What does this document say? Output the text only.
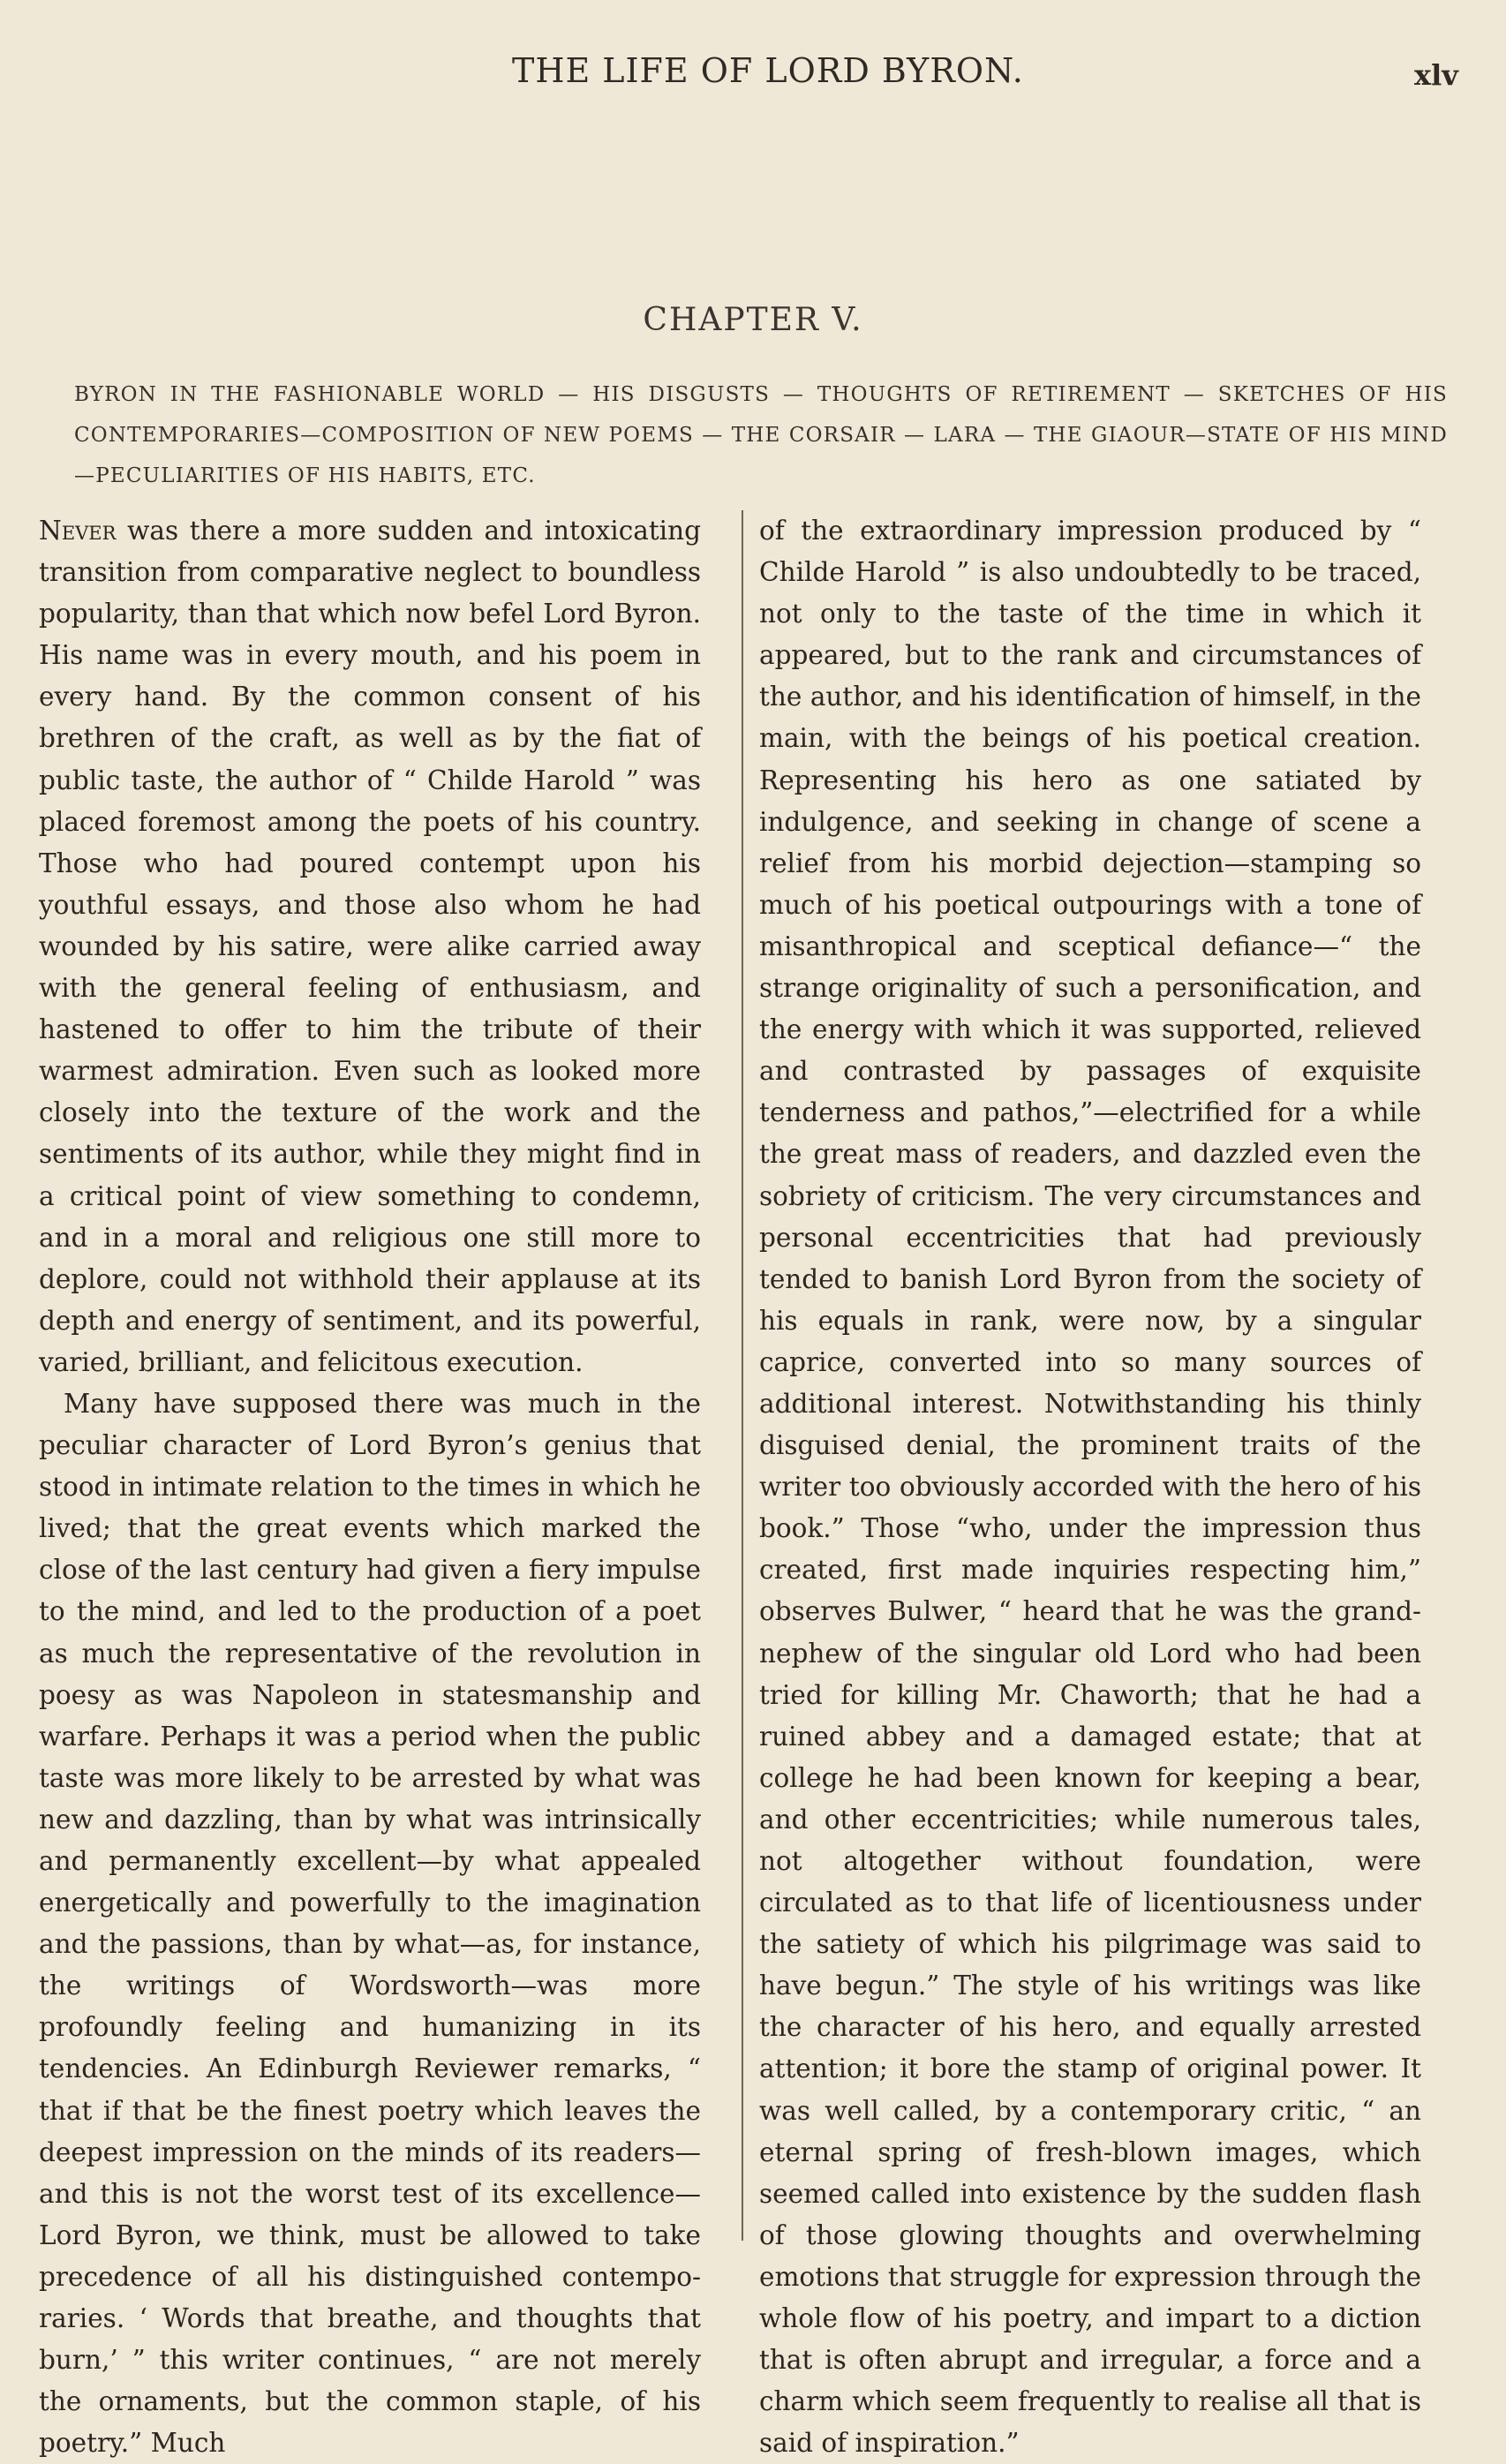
THE LIFE OF LORD BYRON.	xlv
CHAPTER V.
BYRON IN THE FASHIONABLE WORLD — HIS DISGUSTS — THOUGHTS OF RETIREMENT — SKETCHES OF HIS CONTEMPORARIES—COMPOSITION OF NEW POEMS — THE CORSAIR — LARA — THE GIAOUR—STATE OF HIS MIND—PECULIARITIES OF HIS HABITS, ETC.

Never was there a more sudden and intoxicating transition from comparative neglect to boundless popularity, than that which now befel Lord Byron. His name was in every mouth, and his poem in every hand. By the common consent of his brethren of the craft, as well as by the fiat of public taste, the author of “ Childe Harold ” was placed foremost among the poets of his country. Those who had poured contempt upon his youthful essays, and those also whom he had wounded by his satire, were alike carried away with the general feeling of enthusiasm, and hastened to offer to him the tribute of their warmest admiration. Even such as looked more closely into the texture of the work and the sentiments of its author, while they might find in a critical point of view something to condemn, and in a moral and religious one still more to deplore, could not withhold their applause at its depth and energy of sentiment, and its powerful, varied, brilliant, and felicitous execution.

Many have supposed there was much in the peculiar character of Lord Byron’s genius that stood in intimate relation to the times in which he lived; that the great events which marked the close of the last century had given a fiery impulse to the mind, and led to the production of a poet as much the representative of the revolution in poesy as was Napoleon in statesmanship and warfare. Perhaps it was a period when the public taste was more likely to be arrested by what was new and dazzling, than by what was intrinsically and permanently excellent—by what appealed energetically and powerfully to the imagination and the passions, than by what—as, for instance, the writings of Wordsworth—was more profoundly feeling and humanizing in its tendencies. An Edinburgh Reviewer remarks, “ that if that be the finest poetry which leaves the deepest impression on the minds of its readers—and this is not the worst test of its excellence—Lord Byron, we think, must be allowed to take precedence of all his distinguished contemporaries. ‘ Words that breathe, and thoughts that burn,’ ” this writer continues, “ are not merely the ornaments, but the common staple, of his poetry.” Much

of the extraordinary impression produced by “ Childe Harold ” is also undoubtedly to be traced, not only to the taste of the time in which it appeared, but to the rank and circumstances of the author, and his identification of himself, in the main, with the beings of his poetical creation. Representing his hero as one satiated by indulgence, and seeking in change of scene a relief from his morbid dejection—stamping so much of his poetical outpourings with a tone of misanthropical and sceptical defiance—“ the strange originality of such a personification, and the energy with which it was supported, relieved and contrasted by passages of exquisite tenderness and pathos,”—electrified for a while the great mass of readers, and dazzled even the sobriety of criticism. The very circumstances and personal eccentricities that had previously tended to banish Lord Byron from the society of his equals in rank, were now, by a singular caprice, converted into so many sources of additional interest. Notwithstanding his thinly disguised denial, the prominent traits of the writer too obviously accorded with the hero of his book.” Those “who, under the impression thus created, first made inquiries respecting him,” observes Bulwer, “ heard that he was the grand-nephew of the singular old Lord who had been tried for killing Mr. Chaworth; that he had a ruined abbey and a damaged estate; that at college he had been known for keeping a bear, and other eccentricities; while numerous tales, not altogether without foundation, were circulated as to that life of licentiousness under the satiety of which his pilgrimage was said to have begun.” The style of his writings was like the character of his hero, and equally arrested attention; it bore the stamp of original power. It was well called, by a contemporary critic, “ an eternal spring of fresh-blown images, which seemed called into existence by the sudden flash of those glowing thoughts and overwhelming emotions that struggle for expression through the whole flow of his poetry, and impart to a diction that is often abrupt and irregular, a force and a charm which seem frequently to realise all that is said of inspiration.”
